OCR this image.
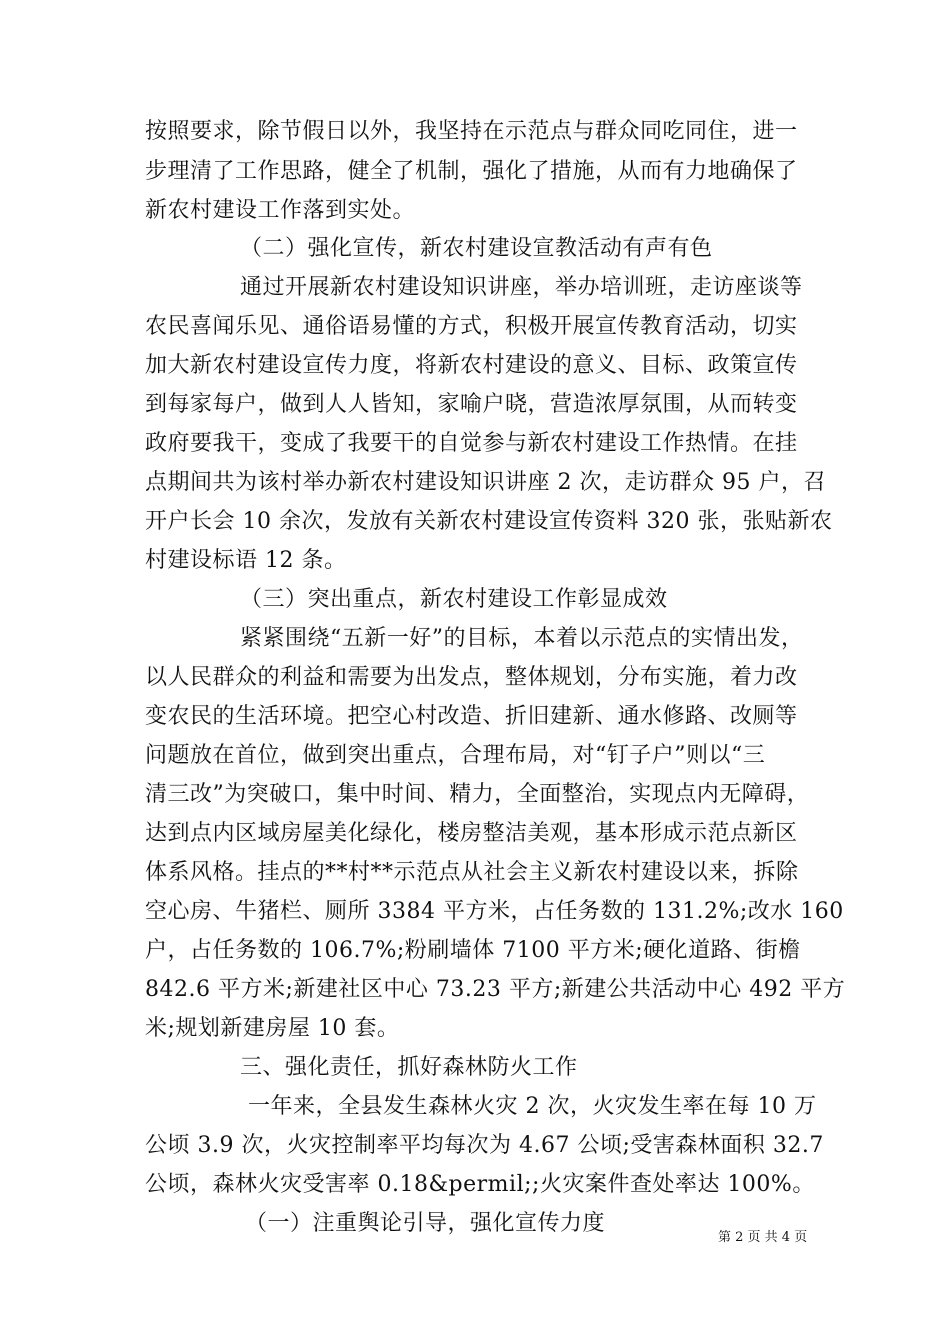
按照要求，除节假日以外，我坚持在示范点与群众同吃同住，进一
步理清了工作思路，健全了机制，强化了措施，从而有力地确保了
新农村建设工作落到实处。
（二）强化宣传，新农村建设宣教活动有声有色
通过开展新农村建设知识讲座，举办培训班，走访座谈等
农民喜闻乐见、通俗语易懂的方式，积极开展宣传教育活动，切实
加大新农村建设宣传力度，将新农村建设的意义、目标、政策宣传
到每家每户，做到人人皆知，家喻户晓，营造浓厚氛围，从而转变
政府要我干，变成了我要干的自觉参与新农村建设工作热情。在挂
点期间共为该村举办新农村建设知识讲座 2 次，走访群众 95 户，召
开户长会 10 余次，发放有关新农村建设宣传资料 320 张，张贴新农
村建设标语 12 条。
（三）突出重点，新农村建设工作彰显成效
紧紧围绕“五新一好”的目标，本着以示范点的实情出发，
以人民群众的利益和需要为出发点，整体规划，分布实施，着力改
变农民的生活环境。把空心村改造、折旧建新、通水修路、改厕等
问题放在首位，做到突出重点，合理布局，对“钉子户”则以“三
清三改”为突破口，集中时间、精力，全面整治，实现点内无障碍，
达到点内区域房屋美化绿化，楼房整洁美观，基本形成示范点新区
体系风格。挂点的**村**示范点从社会主义新农村建设以来，拆除
空心房、牛猪栏、厕所 3384 平方米，占任务数的 131.2%;改水 160
户，占任务数的 106.7%;粉刷墙体 7100 平方米;硬化道路、街檐
842.6 平方米;新建社区中心 73.23 平方;新建公共活动中心 492 平方
米;规划新建房屋 10 套。
三、强化责任，抓好森林防火工作
一年来，全县发生森林火灾 2 次，火灾发生率在每 10 万
公顷 3.9 次，火灾控制率平均每次为 4.67 公顷;受害森林面积 32.7
公顷，森林火灾受害率 0.18&permil;;火灾案件查处率达 100%。
（一）注重舆论引导，强化宣传力度
第 2 页 共 4 页
